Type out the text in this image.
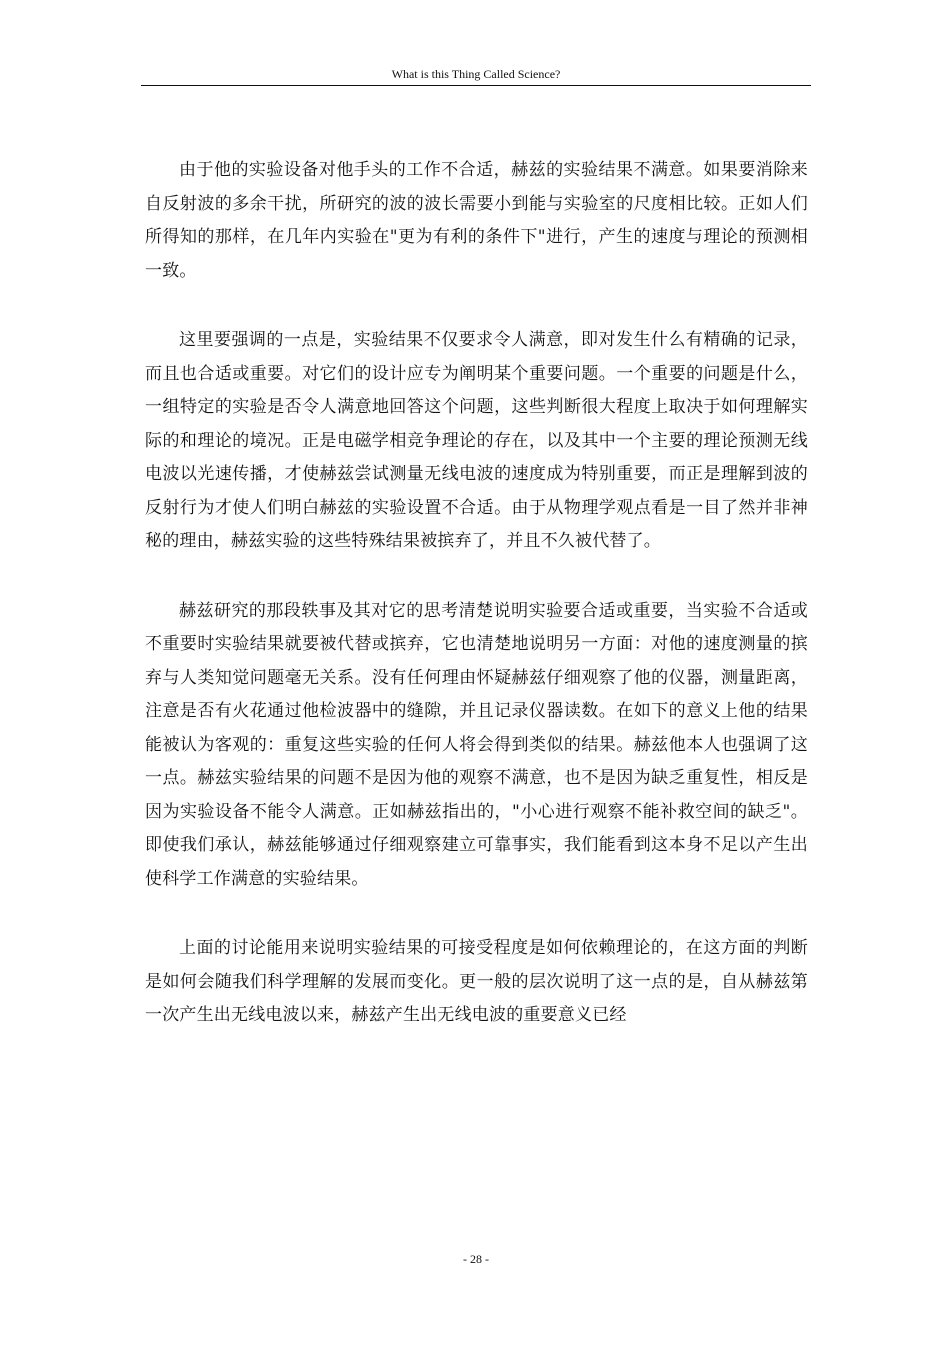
What is this Thing Called Science?

由于他的实验设备对他手头的工作不合适，赫兹的实验结果不满意。如果要消除来自反射波的多余干扰，所研究的波的波长需要小到能与实验室的尺度相比较。正如人们所得知的那样，在几年内实验在"更为有利的条件下"进行，产生的速度与理论的预测相一致。

这里要强调的一点是，实验结果不仅要求令人满意，即对发生什么有精确的记录，而且也合适或重要。对它们的设计应专为阐明某个重要问题。一个重要的问题是什么，一组特定的实验是否令人满意地回答这个问题，这些判断很大程度上取决于如何理解实际的和理论的境况。正是电磁学相竞争理论的存在，以及其中一个主要的理论预测无线电波以光速传播，才使赫兹尝试测量无线电波的速度成为特别重要，而正是理解到波的反射行为才使人们明白赫兹的实验设置不合适。由于从物理学观点看是一目了然并非神秘的理由，赫兹实验的这些特殊结果被摈弃了，并且不久被代替了。

赫兹研究的那段轶事及其对它的思考清楚说明实验要合适或重要，当实验不合适或不重要时实验结果就要被代替或摈弃，它也清楚地说明另一方面：对他的速度测量的摈弃与人类知觉问题毫无关系。没有任何理由怀疑赫兹仔细观察了他的仪器，测量距离，注意是否有火花通过他检波器中的缝隙，并且记录仪器读数。在如下的意义上他的结果能被认为客观的：重复这些实验的任何人将会得到类似的结果。赫兹他本人也强调了这一点。赫兹实验结果的问题不是因为他的观察不满意，也不是因为缺乏重复性，相反是因为实验设备不能令人满意。正如赫兹指出的，"小心进行观察不能补救空间的缺乏"。即使我们承认，赫兹能够通过仔细观察建立可靠事实，我们能看到这本身不足以产生出使科学工作满意的实验结果。

上面的讨论能用来说明实验结果的可接受程度是如何依赖理论的，在这方面的判断是如何会随我们科学理解的发展而变化。更一般的层次说明了这一点的是，自从赫兹第一次产生出无线电波以来，赫兹产生出无线电波的重要意义已经

- 28 -
